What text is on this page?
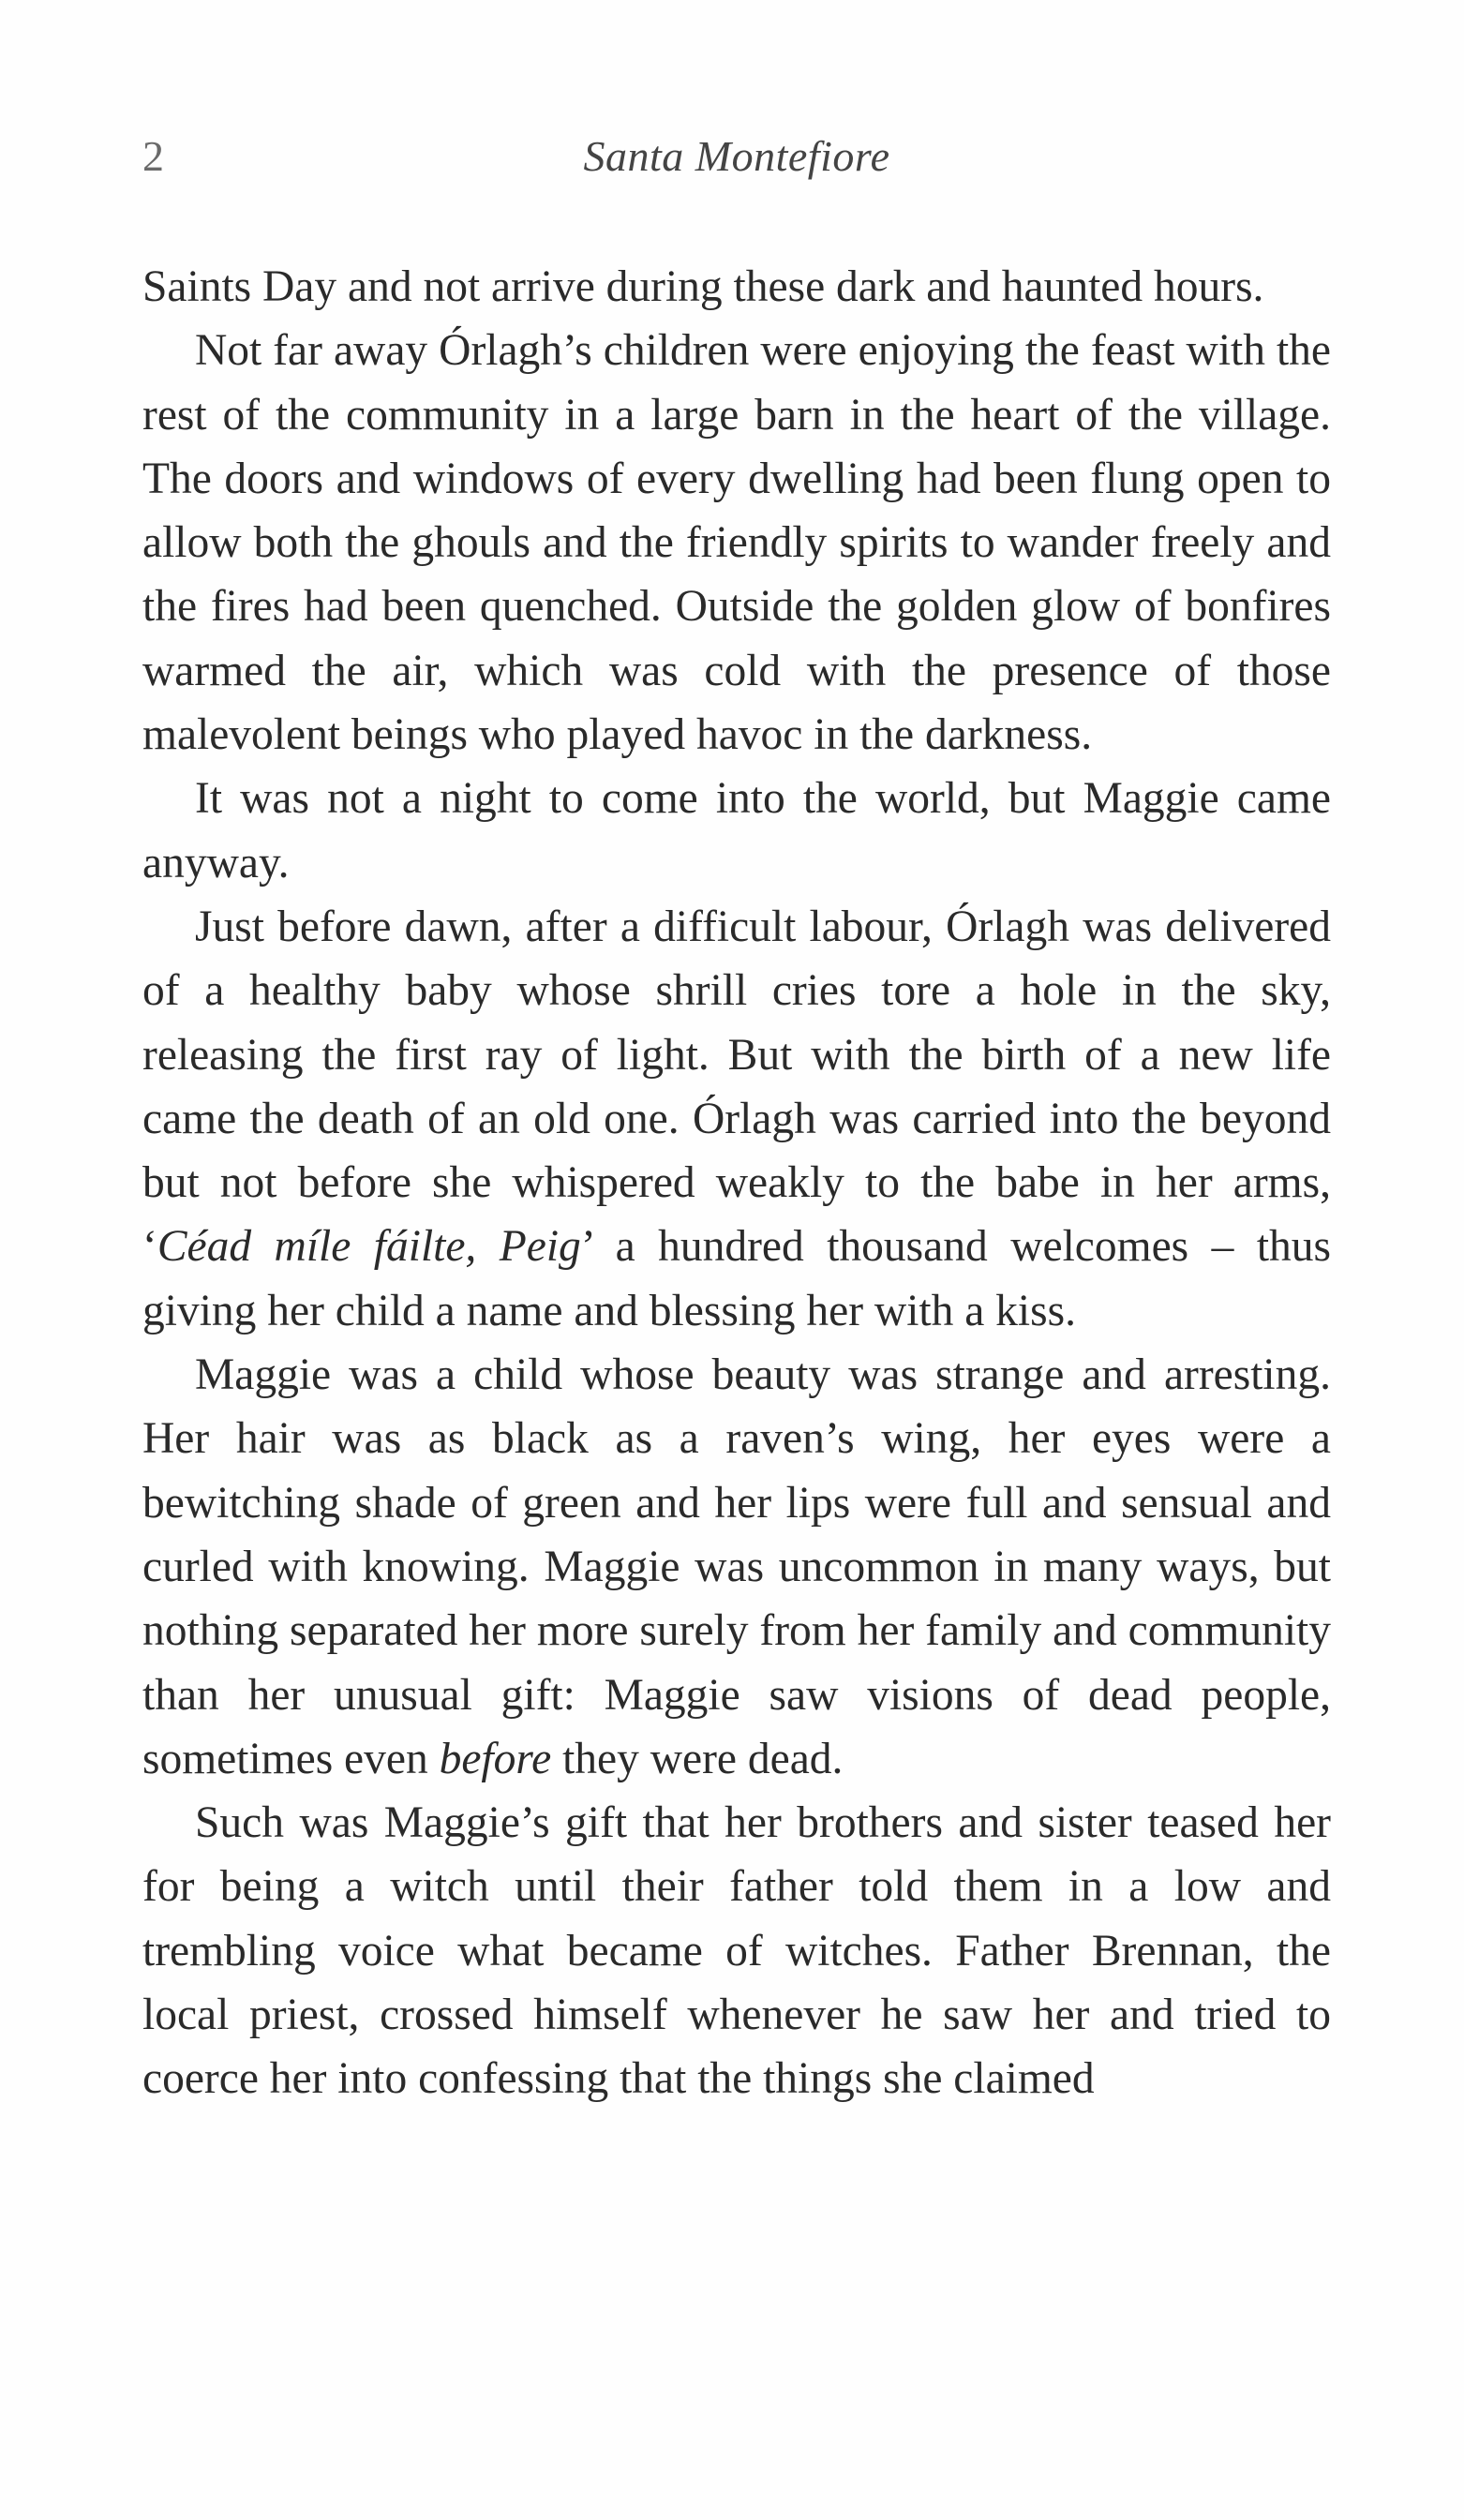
2	Santa Montefiore

Saints Day and not arrive during these dark and haunted hours.

Not far away Órlagh’s children were enjoying the feast with the rest of the community in a large barn in the heart of the village. The doors and windows of every dwelling had been flung open to allow both the ghouls and the friendly spirits to wander freely and the fires had been quenched. Outside the golden glow of bonfires warmed the air, which was cold with the presence of those malevolent beings who played havoc in the darkness.

It was not a night to come into the world, but Maggie came anyway.

Just before dawn, after a difficult labour, Órlagh was delivered of a healthy baby whose shrill cries tore a hole in the sky, releasing the first ray of light. But with the birth of a new life came the death of an old one. Órlagh was carried into the beyond but not before she whispered weakly to the babe in her arms, ‘Céad míle fáilte, Peig’ a hundred thousand welcomes – thus giving her child a name and blessing her with a kiss.

Maggie was a child whose beauty was strange and arresting. Her hair was as black as a raven’s wing, her eyes were a bewitching shade of green and her lips were full and sensual and curled with knowing. Maggie was uncommon in many ways, but nothing separated her more surely from her family and community than her unusual gift: Maggie saw visions of dead people, sometimes even before they were dead.

Such was Maggie’s gift that her brothers and sister teased her for being a witch until their father told them in a low and trembling voice what became of witches. Father Brennan, the local priest, crossed himself whenever he saw her and tried to coerce her into confessing that the things she claimed
